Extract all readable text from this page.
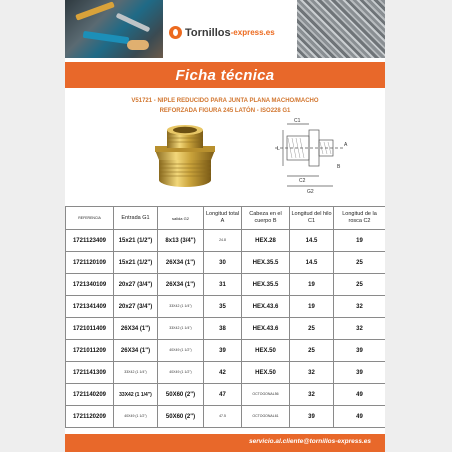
Tornillos -express.es
Ficha técnica
V51721 - NIPLE REDUCIDO PARA JUNTA PLANA MACHO/MACHO
REFORZADA FIGURA 245 LATÓN - ISO228 G1
C1
A
L
B
C2
G2
REFERENCIA	Entrada G1	salida G2	Longitud total A	Cabeza en el cuerpo B	Longitud del hilo C1	Longitud de la rosca C2
1721123409	15x21 (1/2")	8x13 (3/4")	24.8	HEX.28	14.5	19
1721120109	15x21 (1/2")	26X34 (1")	30	HEX.35.5	14.5	25
1721340109	20x27 (3/4")	26X34 (1")	31	HEX.35.5	19	25
1721341409	20x27 (3/4")	33X42 (1 1/4")	35	HEX.43.6	19	32
1721011409	26X34 (1")	33X42 (1 1/4")	38	HEX.43.6	25	32
1721011209	26X34 (1")	40X49 (1 1/2")	39	HEX.50	25	39
1721141309	33X42 (1 1/4")	40X49 (1 1/2")	42	HEX.50	32	39
1721140209	33X42 (1 1/4")	50X60 (2")	47	OCTOGONAL56	32	49
1721120209	40X49 (1 1/2")	50X60 (2")	47.5	OCTOGONAL61	39	49
servicio.al.cliente@tornillos-express.es
